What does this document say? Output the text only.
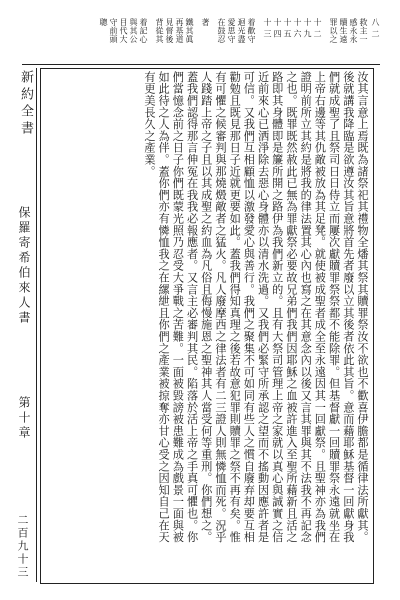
八 二
救主一
感永永
贖生遠
罪以之
十 二
十 九
十 六
十 五
十 四
十 三
着歡守
迴光盡
愛思守
在鼓忍
著
鐵其眞
再基道
見督後
背從其
着記心
與其公
目代大
守前頭
聰
新約全書
保羅寄希伯來人書
第十章
二百九十三
汝其言意上焉既為諸祭祀其禮物全燔其祭其贖罪祭汝不欲也不歡喜伊膽都是循律法所獻其。後就講我降臨是欲遵汝其旨意將首先者廢以立其後者依此其旨。意而藉耶穌基督一回獻身我們就成聖了且祭司日日侍立而屢次獻贖罪祭祭都不能除罪。但基督獻一回贖罪祭永遠就坐在上帝右邊等其仇敵被放為其足凳。就使被成聖者成全至永遠因其一回獻祭。且聖神亦為我們證明前所立其約是將我的律法置其心內也寫之在其意念內以後又言其罪與其不法我不再記念之也。既罪既然赦此已無為罪獻祭必要故兄弟們我們因耶穌之血被許進入至聖所藉新且活之路即其身體即是簾所開之路伊為我們新立的。且有大祭司管理上帝之家就以真心與誠實之信近前來心已洒淨除去惡心身體亦以清水洗過。又我們必緊守所承認之望而不搖動因應許者是可信。又我們互相顧恤以激發愛心與善行。我們之聚集不可如同有些人之慣自廢弃却要互相勸勉且既見那日子近就更要如此。蓋我們得知真理之後若故意犯罪則贖罪之祭不再有矣。惟有可懼之候審判與那燒燬敵者之猛火。凡人廢摩西之律法者有二三證人則無憐恤而死。況乎人踐踏上帝之子且以其成聖之約血為凡俗且侮慢施恩之聖神其人當受何等重刑。你們想之。蓋我們認得那言伸冤在我我必報應者。又言主必審判其民。陷落於活上帝之手真可懼也。你們當憶念前之日子你們既蒙光照乃忍受大爭戰之苦難。一面被毀謗被患難成為戲景一面與被如此待之人為伴。蓋你們亦有憐恤我之在縲紲且你們之產業被掠奪亦甘心受之因知自己在天有更美長久之產業。
